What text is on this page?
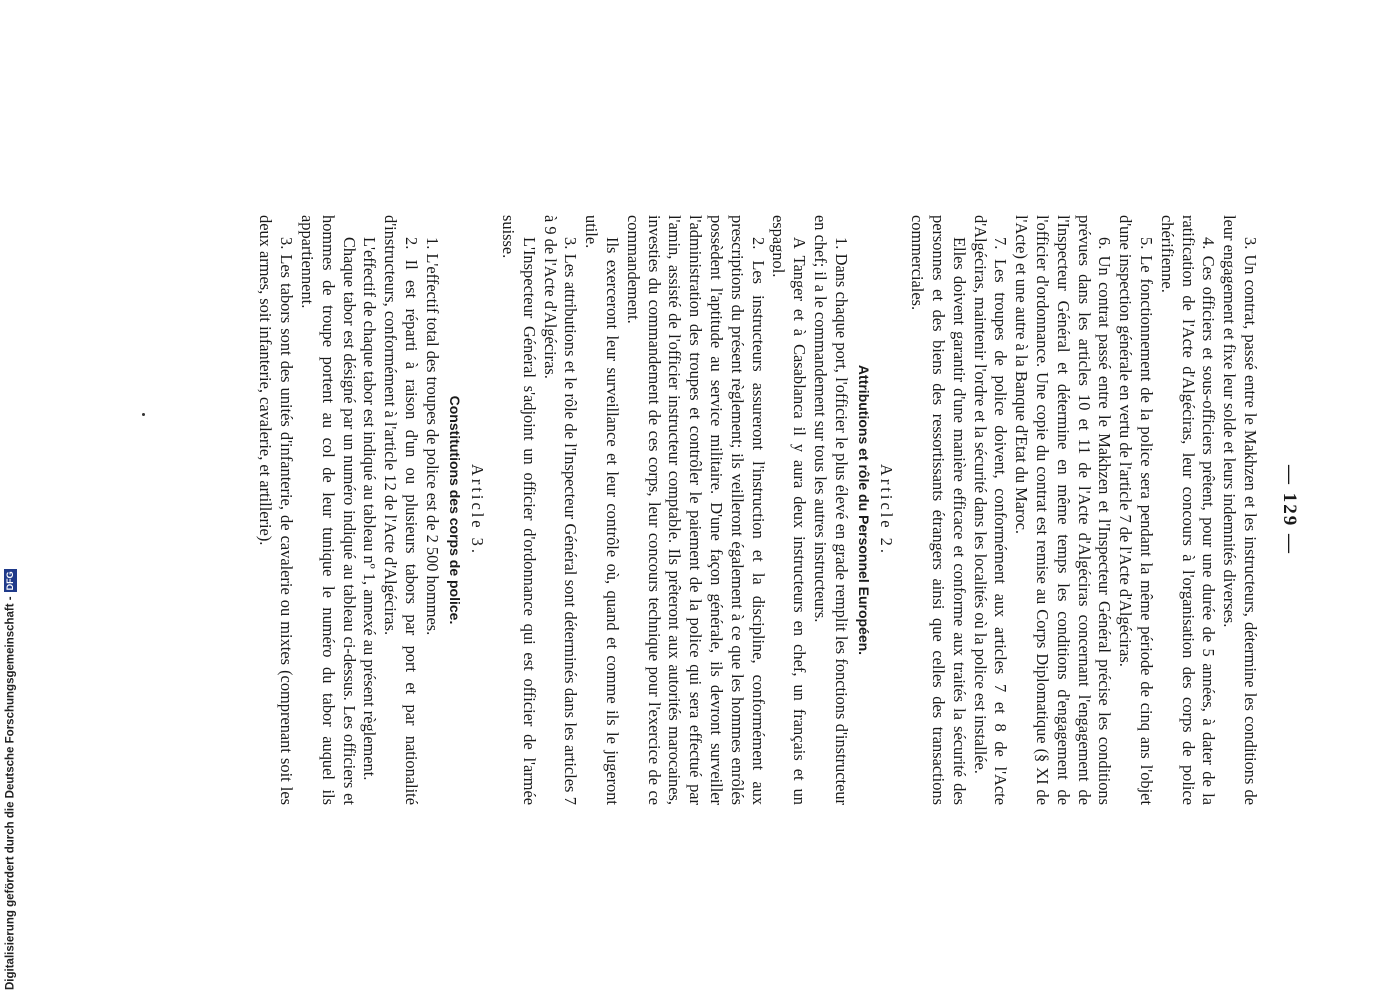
— 129 —

3. Un contrat, passé entre le Makhzen et les instructeurs, détermine les conditions de leur engagement et fixe leur solde et leurs indemnités diverses.

4. Ces officiers et sous-officiers prêtent, pour une durée de 5 années, à dater de la ratification de l'Acte d'Algéciras, leur concours à l'organisation des corps de police chérifienne.

5. Le fonctionnement de la police sera pendant la même période de cinq ans l'objet d'une inspection générale en vertu de l'article 7 de l'Acte d'Algéciras.

6. Un contrat passé entre le Makhzen et l'Inspecteur Général précise les conditions prévues dans les articles 10 et 11 de l'Acte d'Algéciras concernant l'engagement de l'Inspecteur Général et détermine en même temps les conditions d'engagement de l'officier d'ordonnance. Une copie du contrat est remise au Corps Diplomatique (§ XI de l'Acte) et une autre à la Banque d'Etat du Maroc.

7. Les troupes de police doivent, conformément aux articles 7 et 8 de l'Acte d'Algéciras, maintenir l'ordre et la sécurité dans les localités où la police est installée.

Elles doivent garantir d'une manière efficace et conforme aux traités la sécurité des personnes et des biens des ressortissants étrangers ainsi que celles des transactions commerciales.

Article 2.
Attributions et rôle du Personnel Européen.

1. Dans chaque port, l'officier le plus élevé en grade remplit les fonctions d'instructeur en chef; il a le commandement sur tous les autres instructeurs.

A Tanger et à Casablanca il y aura deux instructeurs en chef, un français et un espagnol.

2. Les instructeurs assureront l'instruction et la discipline, conformément aux prescriptions du présent règlement; ils veilleront également à ce que les hommes enrôlés possèdent l'aptitude au service militaire. D'une façon générale, ils devront surveiller l'administration des troupes et contrôler le paiement de la police qui sera effectué par l'amin, assisté de l'officier instructeur comptable. Ils prêteront aux autorités marocaines, investies du commandement de ces corps, leur concours technique pour l'exercice de ce commandement.

Ils exerceront leur surveillance et leur contrôle où, quand et comme ils le jugeront utile.

3. Les attributions et le rôle de l'Inspecteur Général sont déterminés dans les articles 7 à 9 de l'Acte d'Algéciras.

L'Inspecteur Général s'adjoint un officier d'ordonnance qui est officier de l'armée suisse.

Article 3.
Constitutions des corps de police.

1. L'effectif total des troupes de police est de 2 500 hommes.

2. Il est réparti à raison d'un ou plusieurs tabors par port et par nationalité d'instructeurs, conformément à l'article 12 de l'Acte d'Algéciras.

L'effectif de chaque tabor est indiqué au tableau nº 1, annexé au présent règlement.

Chaque tabor est désigné par un numéro indiqué au tableau ci-dessus. Les officiers et hommes de troupe portent au col de leur tunique le numéro du tabor auquel ils appartiennent.

3. Les tabors sont des unités d'infanterie, de cavalerie ou mixtes (comprenant soit les deux armes, soit infanterie, cavalerie, et artillerie).

Digitalisierung gefördert durch die Deutsche Forschungsgemeinschaft -DFG
